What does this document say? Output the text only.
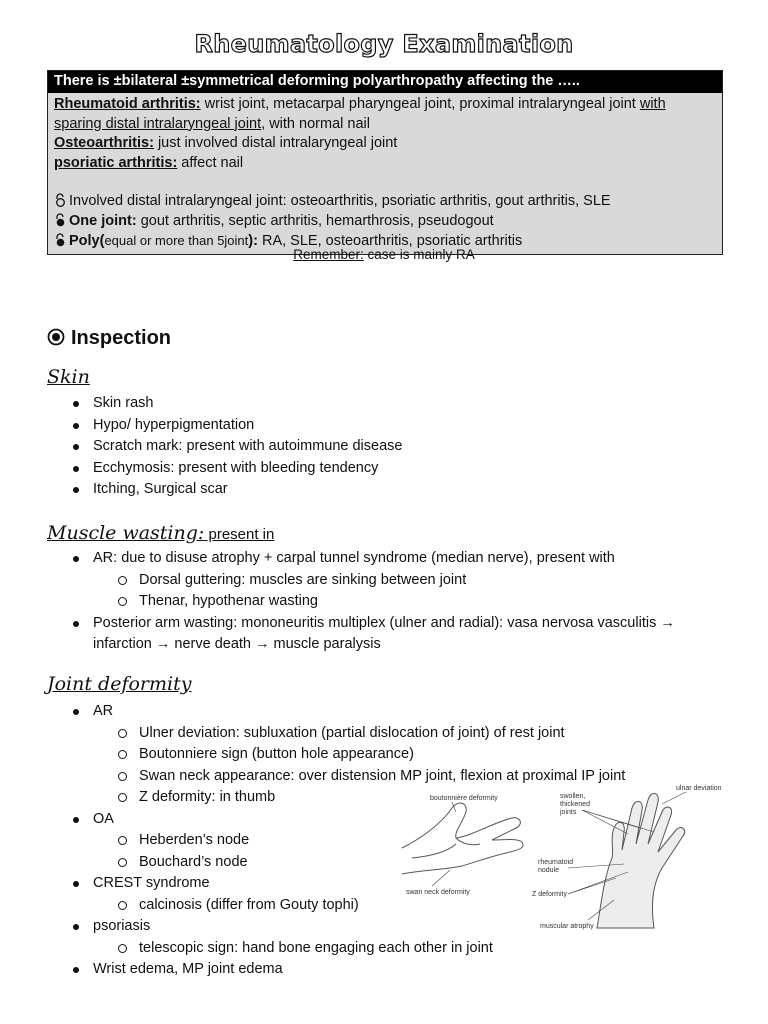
Rheumatology Examination
There is ±bilateral ±symmetrical deforming polyarthropathy affecting the …..
Rheumatoid arthritis: wrist joint, metacarpal pharyngeal joint, proximal intralaryngeal joint with sparing distal intralaryngeal joint, with normal nail
Osteoarthritis: just involved distal intralaryngeal joint
psoriatic arthritis: affect nail
Involved distal intralaryngeal joint: osteoarthritis, psoriatic arthritis, gout arthritis, SLE
One joint: gout arthritis, septic arthritis, hemarthrosis, pseudogout
Poly(equal or more than 5joint): RA, SLE, osteoarthritis, psoriatic arthritis
Remember: case is mainly RA
Inspection
Skin
Skin rash
Hypo/ hyperpigmentation
Scratch mark: present with autoimmune disease
Ecchymosis: present with bleeding tendency
Itching, Surgical scar
Muscle wasting: present in
AR: due to disuse atrophy + carpal tunnel syndrome (median nerve), present with
Dorsal guttering: muscles are sinking between joint
Thenar, hypothenar wasting
Posterior arm wasting: mononeuritis multiplex (ulner and radial): vasa nervosa vasculitis → infarction → nerve death → muscle paralysis
Joint deformity
AR
Ulner deviation: subluxation (partial dislocation of joint) of rest joint
Boutonniere sign (button hole appearance)
Swan neck appearance: over distension MP joint, flexion at proximal IP joint
Z deformity: in thumb
OA
Heberden’s node
Bouchard’s node
CREST syndrome
calcinosis (differ from Gouty tophi)
psoriasis
telescopic sign: hand bone engaging each other in joint
Wrist edema, MP joint edema
boutonnière deformity
swan neck deformity
swollen,
thickened
joints
ulnar deviation
rheumatoid
nodule
Z deformity
muscular atrophy
